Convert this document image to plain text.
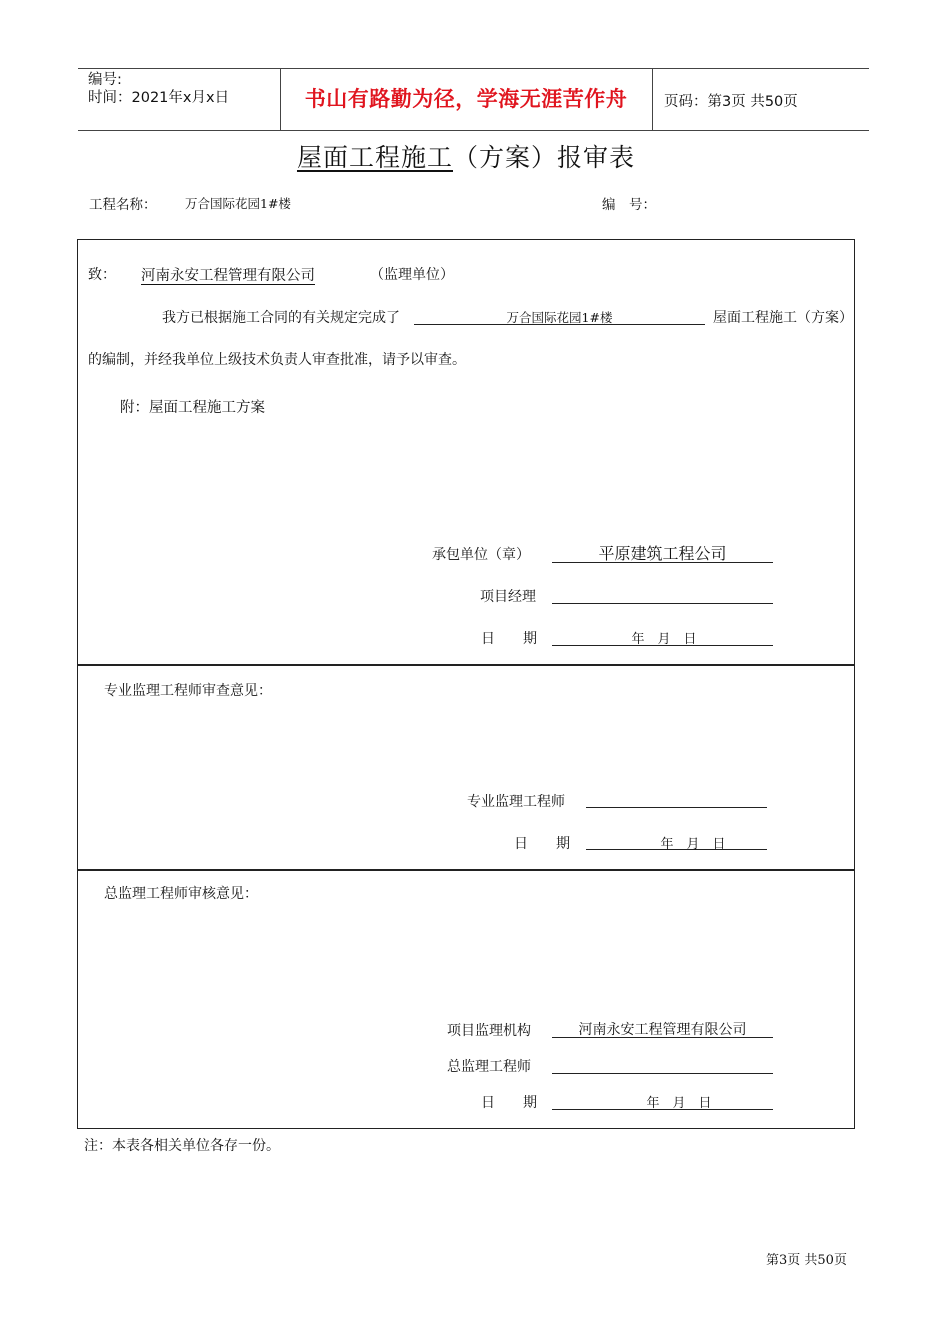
编号:
时间：2021年x月x日	书山有路勤为径，学海无涯苦作舟	页码：第3页 共50页
屋面工程施工（方案）报审表
工程名称： 万合国际花园1#楼	编　号：
致： 河南永安工程管理有限公司	（监理单位）
我方已根据施工合同的有关规定完成了	万合国际花园1#楼	屋面工程施工（方案）
的编制，并经我单位上级技术负责人审查批准，请予以审查。
附：屋面工程施工方案
承包单位（章）	平原建筑工程公司
项目经理
日　　期	年　月　日
专业监理工程师审查意见：
专业监理工程师
日　　期	年　月　日
总监理工程师审核意见：
项目监理机构	河南永安工程管理有限公司
总监理工程师
日　　期	年　月　日
注：本表各相关单位各存一份。
第3页 共50页
